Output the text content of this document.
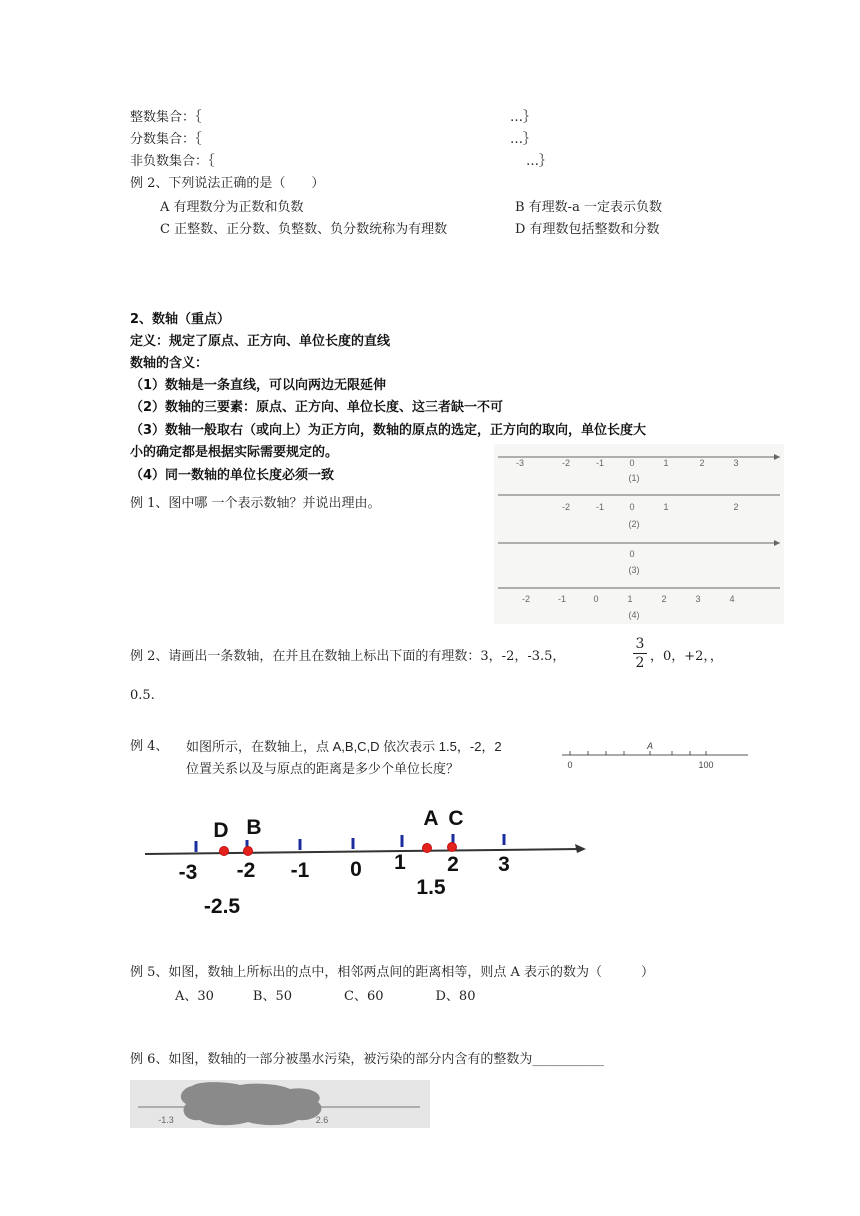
整数集合：｛	…｝
分数集合：｛	…｝
非负数集合：｛	…｝
例 2、下列说法正确的是（　　）
A 有理数分为正数和负数	B 有理数-a 一定表示负数
C 正整数、正分数、负整数、负分数统称为有理数	D 有理数包括整数和分数
2、数轴（重点）
定义：规定了原点、正方向、单位长度的直线
数轴的含义：
（1）数轴是一条直线，可以向两边无限延伸
（2）数轴的三要素：原点、正方向、单位长度、这三者缺一不可
（3）数轴一般取右（或向上）为正方向，数轴的原点的选定，正方向的取向，单位长度大
小的确定都是根据实际需要规定的。
（4）同一数轴的单位长度必须一致
例 1、图中哪 一个表示数轴？并说出理由。
-3	-2	-1	0	1	2	3
(1)
-2	-1	0	1	2
(2)
0
(3)
-2	-1	0	1	2	3	4
(4)
例 2、请画出一条数轴，在并且在数轴上标出下面的有理数：3，-2，-3.5，
3
2 ，0，+2，，
0.5.
例 4、 如图所示，在数轴上，点 A,B,C,D 依次表示 1.5，-2，2
位置关系以及与原点的距离是多少个单位长度？
A
0	100
D B	A C
-3 -2 -1 0 1 2 3
-2.5
1.5
例 5、如图，数轴上所标出的点中，相邻两点间的距离相等，则点 A 表示的数为（　　　）
A、30　　　B、50　　　　C、60　　　　D、80
例 6、如图，数轴的一部分被墨水污染，被污染的部分内含有的整数为___________
-1.3	2.6
